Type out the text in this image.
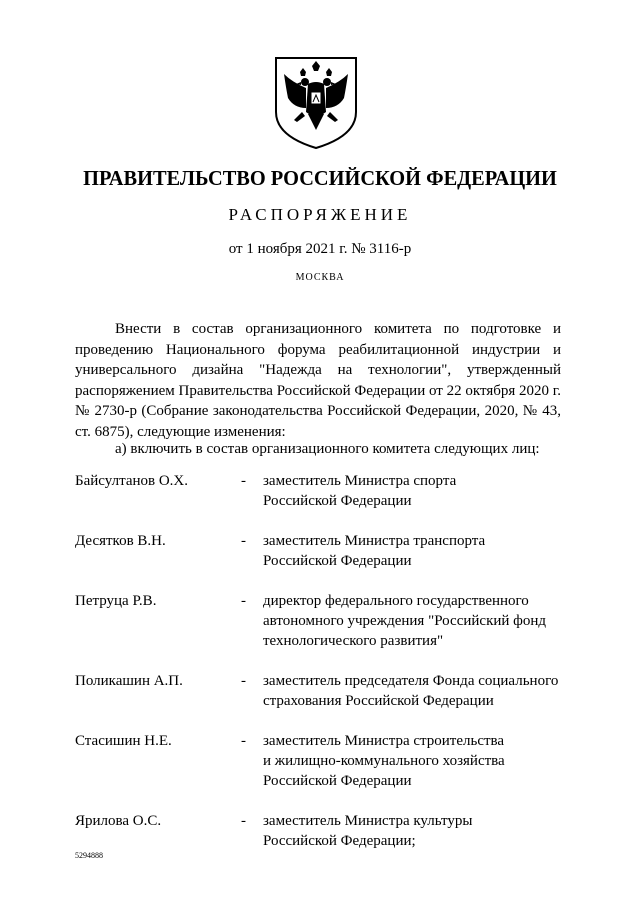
ПРАВИТЕЛЬСТВО РОССИЙСКОЙ ФЕДЕРАЦИИ
РАСПОРЯЖЕНИЕ
от 1 ноября 2021 г. № 3116-р
МОСКВА

Внести в состав организационного комитета по подготовке и проведению Национального форума реабилитационной индустрии и универсального дизайна "Надежда на технологии", утвержденный распоряжением Правительства Российской Федерации от 22 октября 2020 г. № 2730-р (Собрание законодательства Российской Федерации, 2020, № 43, ст. 6875), следующие изменения:

а) включить в состав организационного комитета следующих лиц:
Байсултанов О.Х.	- заместитель Министра спорта
Российской Федерации
Десятков В.Н.	- заместитель Министра транспорта
Российской Федерации
Петруца Р.В.	- директор федерального государственного
автономного учреждения "Российский фонд
технологического развития"
Поликашин А.П.	- заместитель председателя Фонда социального
страхования Российской Федерации
Стасишин Н.Е.	- заместитель Министра строительства
и жилищно-коммунального хозяйства
Российской Федерации
Ярилова О.С.	- заместитель Министра культуры
Российской Федерации;
5294888
